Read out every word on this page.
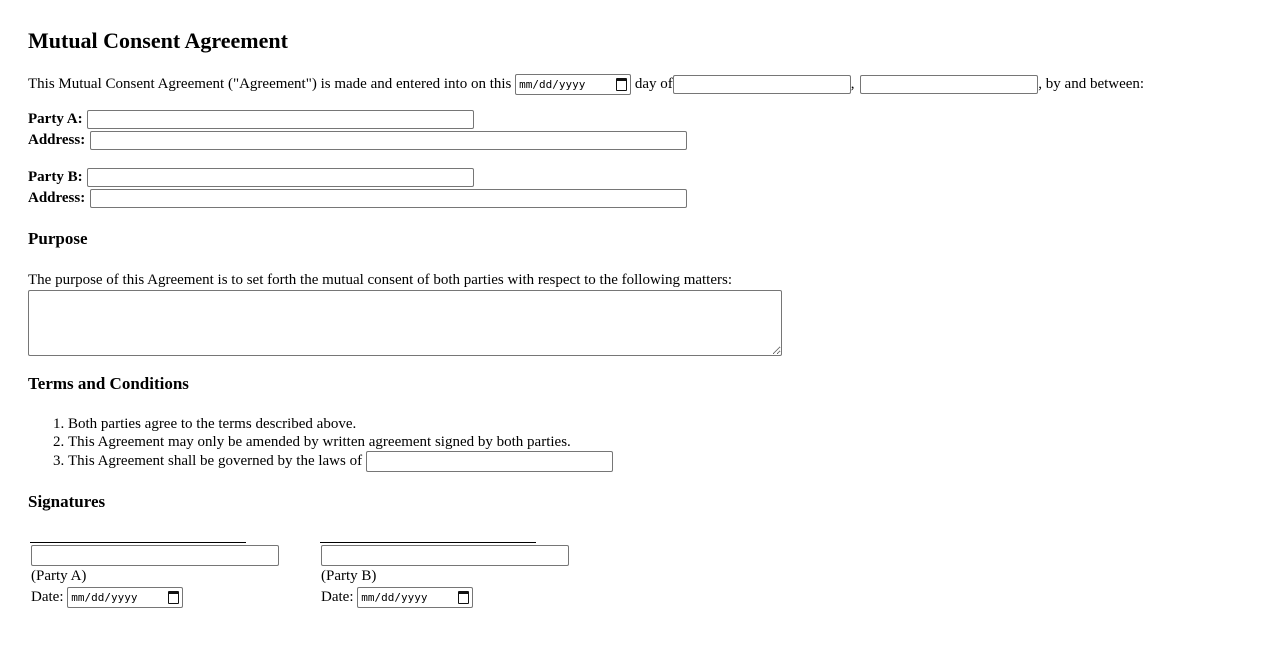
Mutual Consent Agreement
This Mutual Consent Agreement ("Agreement") is made and entered into on this mm/dd/yyyy	day of	,	, by and between:
Party A:
Address:
Party B:
Address:
Purpose
The purpose of this Agreement is to set forth the mutual consent of both parties with respect to the following matters:
Terms and Conditions
1. Both parties agree to the terms described above.
2. This Agreement may only be amended by written agreement signed by both parties.
3. This Agreement shall be governed by the laws of
Signatures
(Party A)
Date: mm/dd/yyyy
(Party B)
Date: mm/dd/yyyy
